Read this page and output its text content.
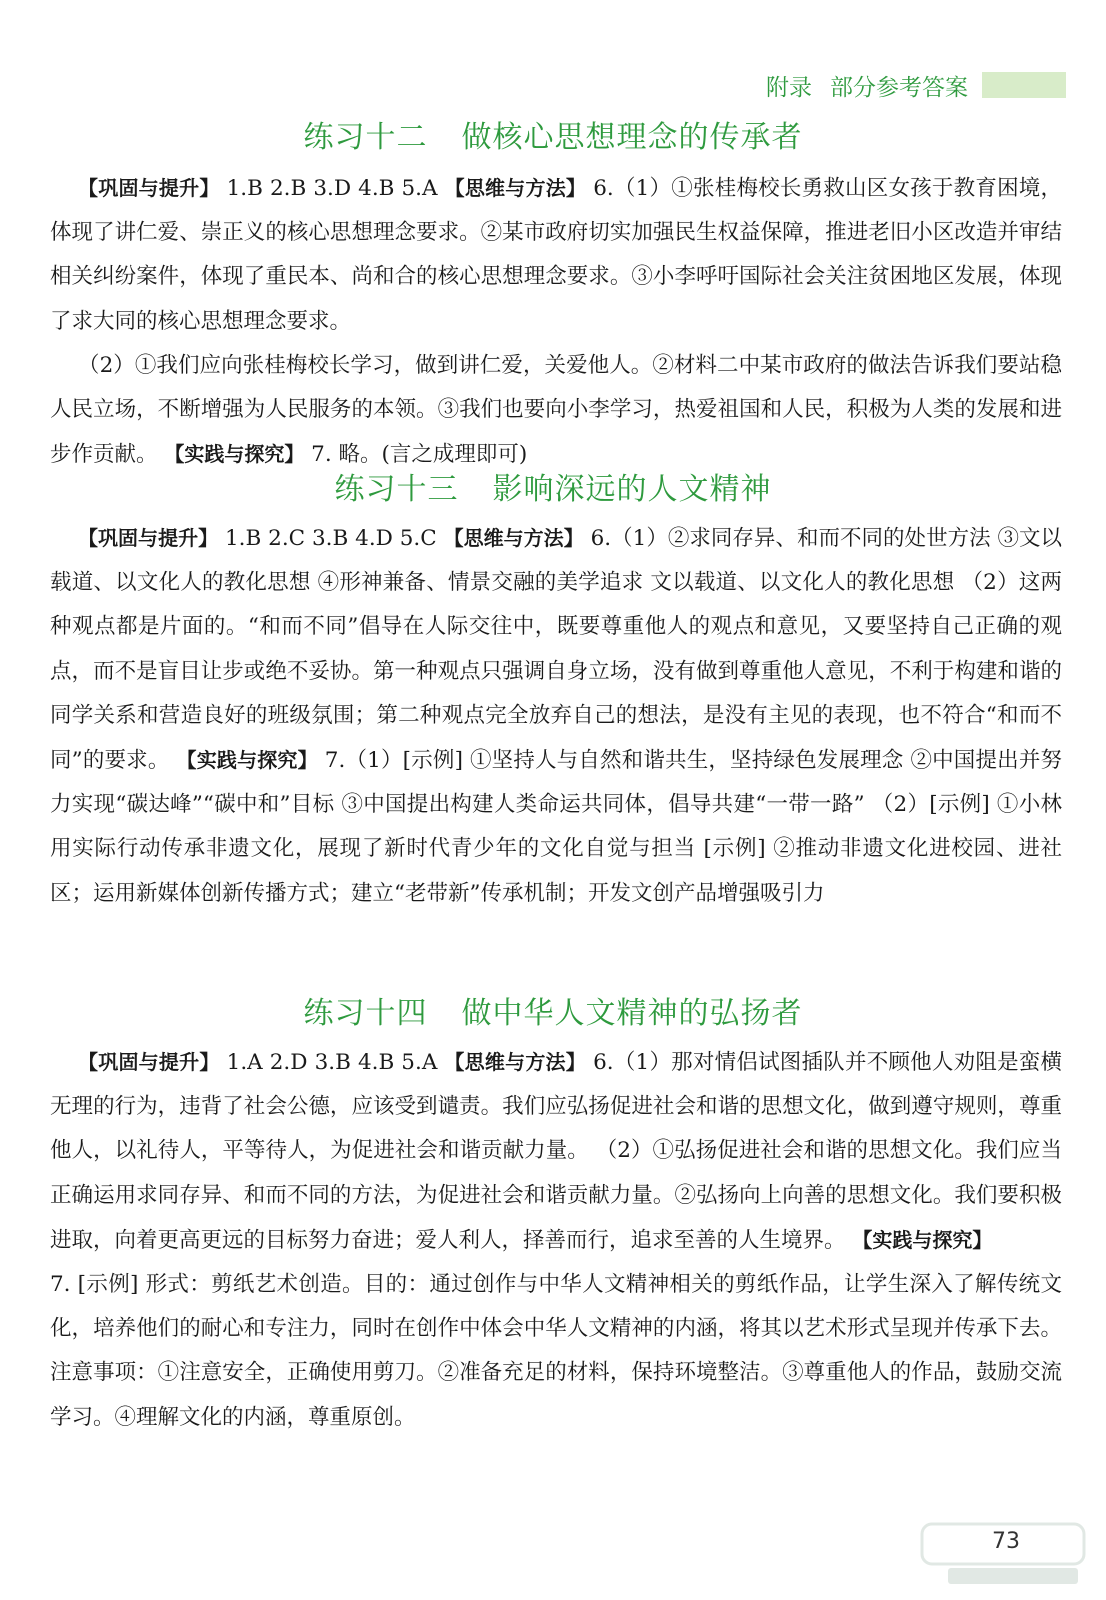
附录 部分参考答案
练习十二 做核心思想理念的传承者

【巩固与提升】 1.B 2.B 3.D 4.B 5.A 【思维与方法】 6.（1）①张桂梅校长勇救山区女孩于教育困境，体现了讲仁爱、崇正义的核心思想理念要求。②某市政府切实加强民生权益保障，推进老旧小区改造并审结相关纠纷案件，体现了重民本、尚和合的核心思想理念要求。③小李呼吁国际社会关注贫困地区发展，体现了求大同的核心思想理念要求。

（2）①我们应向张桂梅校长学习，做到讲仁爱，关爱他人。②材料二中某市政府的做法告诉我们要站稳人民立场，不断增强为人民服务的本领。③我们也要向小李学习，热爱祖国和人民，积极为人类的发展和进步作贡献。 【实践与探究】 7. 略。(言之成理即可)

练习十三 影响深远的人文精神

【巩固与提升】 1.B 2.C 3.B 4.D 5.C 【思维与方法】 6.（1）②求同存异、和而不同的处世方法 ③文以载道、以文化人的教化思想 ④形神兼备、情景交融的美学追求 文以载道、以文化人的教化思想 （2）这两种观点都是片面的。“和而不同”倡导在人际交往中，既要尊重他人的观点和意见，又要坚持自己正确的观点，而不是盲目让步或绝不妥协。第一种观点只强调自身立场，没有做到尊重他人意见，不利于构建和谐的同学关系和营造良好的班级氛围；第二种观点完全放弃自己的想法，是没有主见的表现，也不符合“和而不同”的要求。 【实践与探究】 7.（1）[示例] ①坚持人与自然和谐共生，坚持绿色发展理念 ②中国提出并努力实现“碳达峰”“碳中和”目标 ③中国提出构建人类命运共同体，倡导共建“一带一路” （2）[示例] ①小林用实际行动传承非遗文化，展现了新时代青少年的文化自觉与担当 [示例] ②推动非遗文化进校园、进社区；运用新媒体创新传播方式；建立“老带新”传承机制；开发文创产品增强吸引力

练习十四 做中华人文精神的弘扬者

【巩固与提升】 1.A 2.D 3.B 4.B 5.A 【思维与方法】 6.（1）那对情侣试图插队并不顾他人劝阻是蛮横无理的行为，违背了社会公德，应该受到谴责。我们应弘扬促进社会和谐的思想文化，做到遵守规则，尊重他人，以礼待人，平等待人，为促进社会和谐贡献力量。 （2）①弘扬促进社会和谐的思想文化。我们应当正确运用求同存异、和而不同的方法，为促进社会和谐贡献力量。②弘扬向上向善的思想文化。我们要积极进取，向着更高更远的目标努力奋进；爱人利人，择善而行，追求至善的人生境界。 【实践与探究】

7. [示例] 形式：剪纸艺术创造。目的：通过创作与中华人文精神相关的剪纸作品，让学生深入了解传统文化，培养他们的耐心和专注力，同时在创作中体会中华人文精神的内涵，将其以艺术形式呈现并传承下去。注意事项：①注意安全，正确使用剪刀。②准备充足的材料，保持环境整洁。③尊重他人的作品，鼓励交流学习。④理解文化的内涵，尊重原创。

73
